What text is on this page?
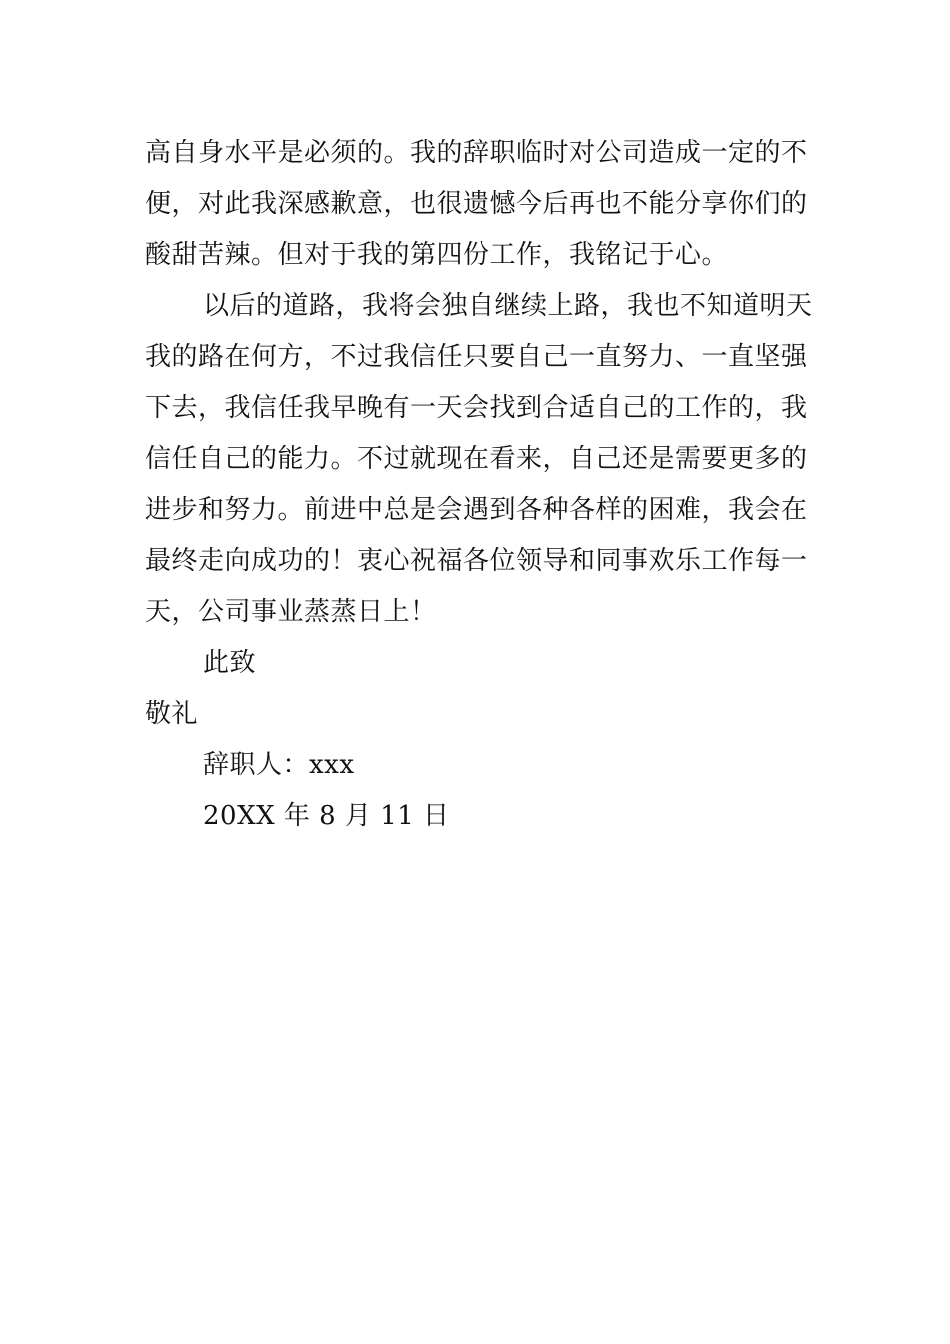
高自身水平是必须的。我的辞职临时对公司造成一定的不
便，对此我深感歉意，也很遗憾今后再也不能分享你们的
酸甜苦辣。但对于我的第四份工作，我铭记于心。
以后的道路，我将会独自继续上路，我也不知道明天
我的路在何方，不过我信任只要自己一直努力、一直坚强
下去，我信任我早晚有一天会找到合适自己的工作的，我
信任自己的能力。不过就现在看来，自己还是需要更多的
进步和努力。前进中总是会遇到各种各样的困难，我会在
最终走向成功的！衷心祝福各位领导和同事欢乐工作每一
天，公司事业蒸蒸日上！
此致
敬礼
辞职人：xxx
20XX 年 8 月 11 日
